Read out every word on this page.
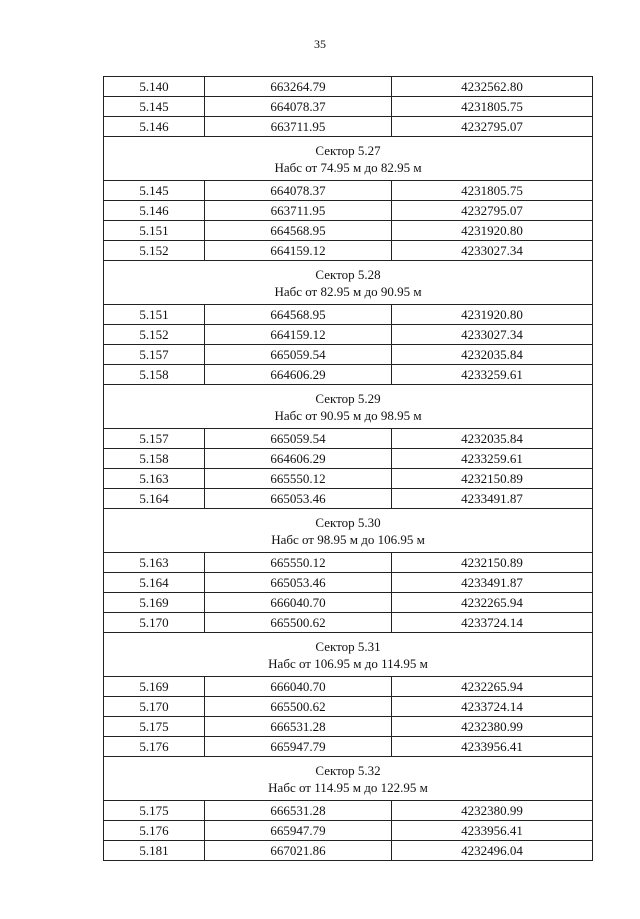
35
5.140	663264.79	4232562.80
5.145	664078.37	4231805.75
5.146	663711.95	4232795.07

Сектор 5.27
Набс от 74.95 м до 82.95 м		

5.145	664078.37	4231805.75
5.146	663711.95	4232795.07
5.151	664568.95	4231920.80
5.152	664159.12	4233027.34

Сектор 5.28
Набс от 82.95 м до 90.95 м		

5.151	664568.95	4231920.80
5.152	664159.12	4233027.34
5.157	665059.54	4232035.84
5.158	664606.29	4233259.61

Сектор 5.29
Набс от 90.95 м до 98.95 м		

5.157	665059.54	4232035.84
5.158	664606.29	4233259.61
5.163	665550.12	4232150.89
5.164	665053.46	4233491.87

Сектор 5.30
Набс от 98.95 м до 106.95 м		

5.163	665550.12	4232150.89
5.164	665053.46	4233491.87
5.169	666040.70	4232265.94
5.170	665500.62	4233724.14

Сектор 5.31
Набс от 106.95 м до 114.95 м		

5.169	666040.70	4232265.94
5.170	665500.62	4233724.14
5.175	666531.28	4232380.99
5.176	665947.79	4233956.41

Сектор 5.32
Набс от 114.95 м до 122.95 м		

5.175	666531.28	4232380.99
5.176	665947.79	4233956.41
5.181	667021.86	4232496.04
